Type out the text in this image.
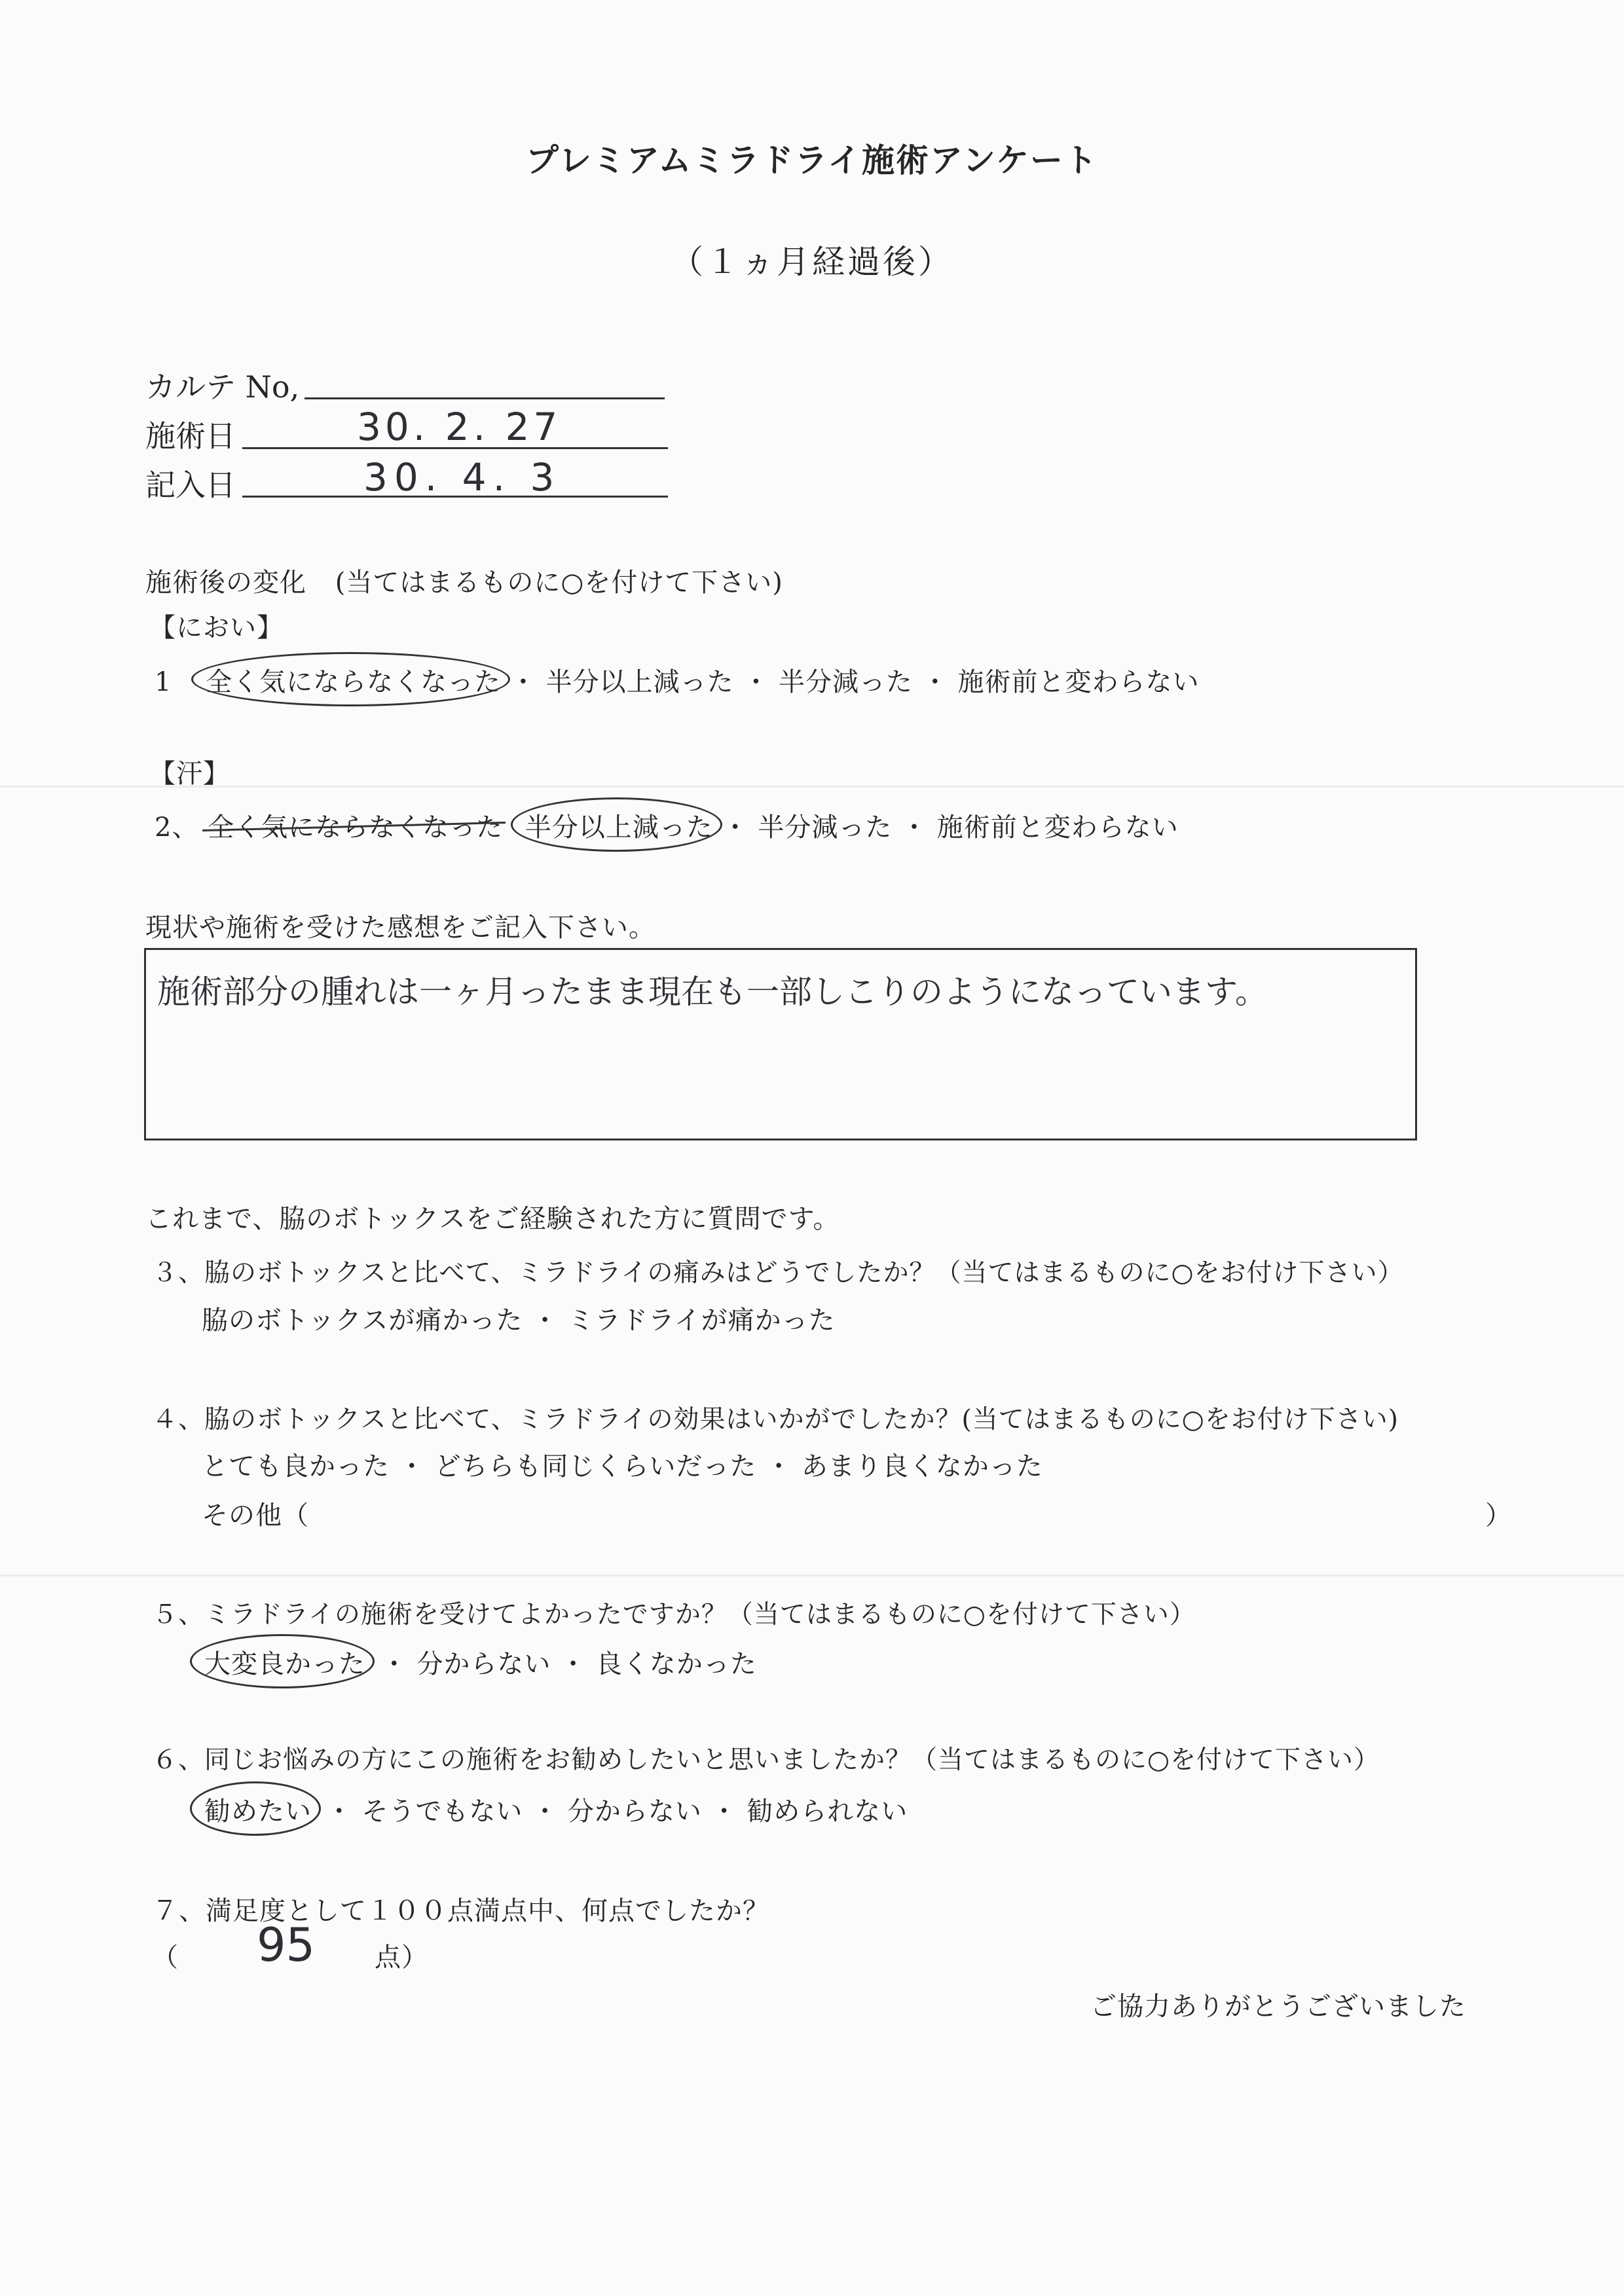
プレミアムミラドライ施術アンケート
（１ヵ月経過後）
カルテ No,
施術日	30. 2. 27
記入日	30. 4. 3
施術後の変化 (当てはまるものに○を付けて下さい)
【におい】
1 全く気にならなくなった ・ 半分以上減った ・ 半分減った ・ 施術前と変わらない
【汗】
2、 全く気にならなくなった 半分以上減った ・ 半分減った ・ 施術前と変わらない
現状や施術を受けた感想をご記入下さい。
施術部分の腫れは一ヶ月ったまま現在も一部しこりのようになっています。
これまで、脇のボトックスをご経験された方に質問です。
３、脇のボトックスと比べて、ミラドライの痛みはどうでしたか？（当てはまるものに○をお付け下さい）
脇のボトックスが痛かった ・ ミラドライが痛かった
４、脇のボトックスと比べて、ミラドライの効果はいかがでしたか？(当てはまるものに○をお付け下さい)
とても良かった ・ どちらも同じくらいだった ・ あまり良くなかった
その他（	）
５、ミラドライの施術を受けてよかったですか？（当てはまるものに○を付けて下さい）
大変良かった ・ 分からない ・ 良くなかった
６、同じお悩みの方にこの施術をお勧めしたいと思いましたか？（当てはまるものに○を付けて下さい）
勧めたい ・ そうでもない ・ 分からない ・ 勧められない
７、満足度として１００点満点中、何点でしたか？
（ 95 点）
ご協力ありがとうございました
